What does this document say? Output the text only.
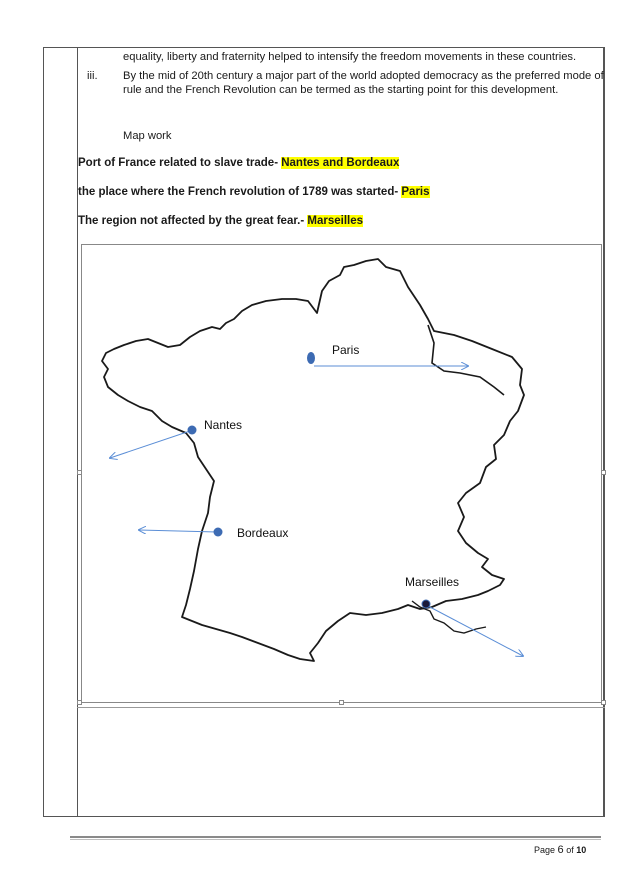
equality, liberty and fraternity helped to intensify the freedom movements in these countries.

iii. By the mid of 20th century a major part of the world adopted democracy as the preferred mode of rule and the French Revolution can be termed as the starting point for this development.

Map work

Port of France related to slave trade- Nantes and Bordeaux
the place where the French revolution of 1789 was started- Paris
The region not affected by the great fear.- Marseilles
Paris
Nantes
Bordeaux
Marseilles
Page 6 of 10
